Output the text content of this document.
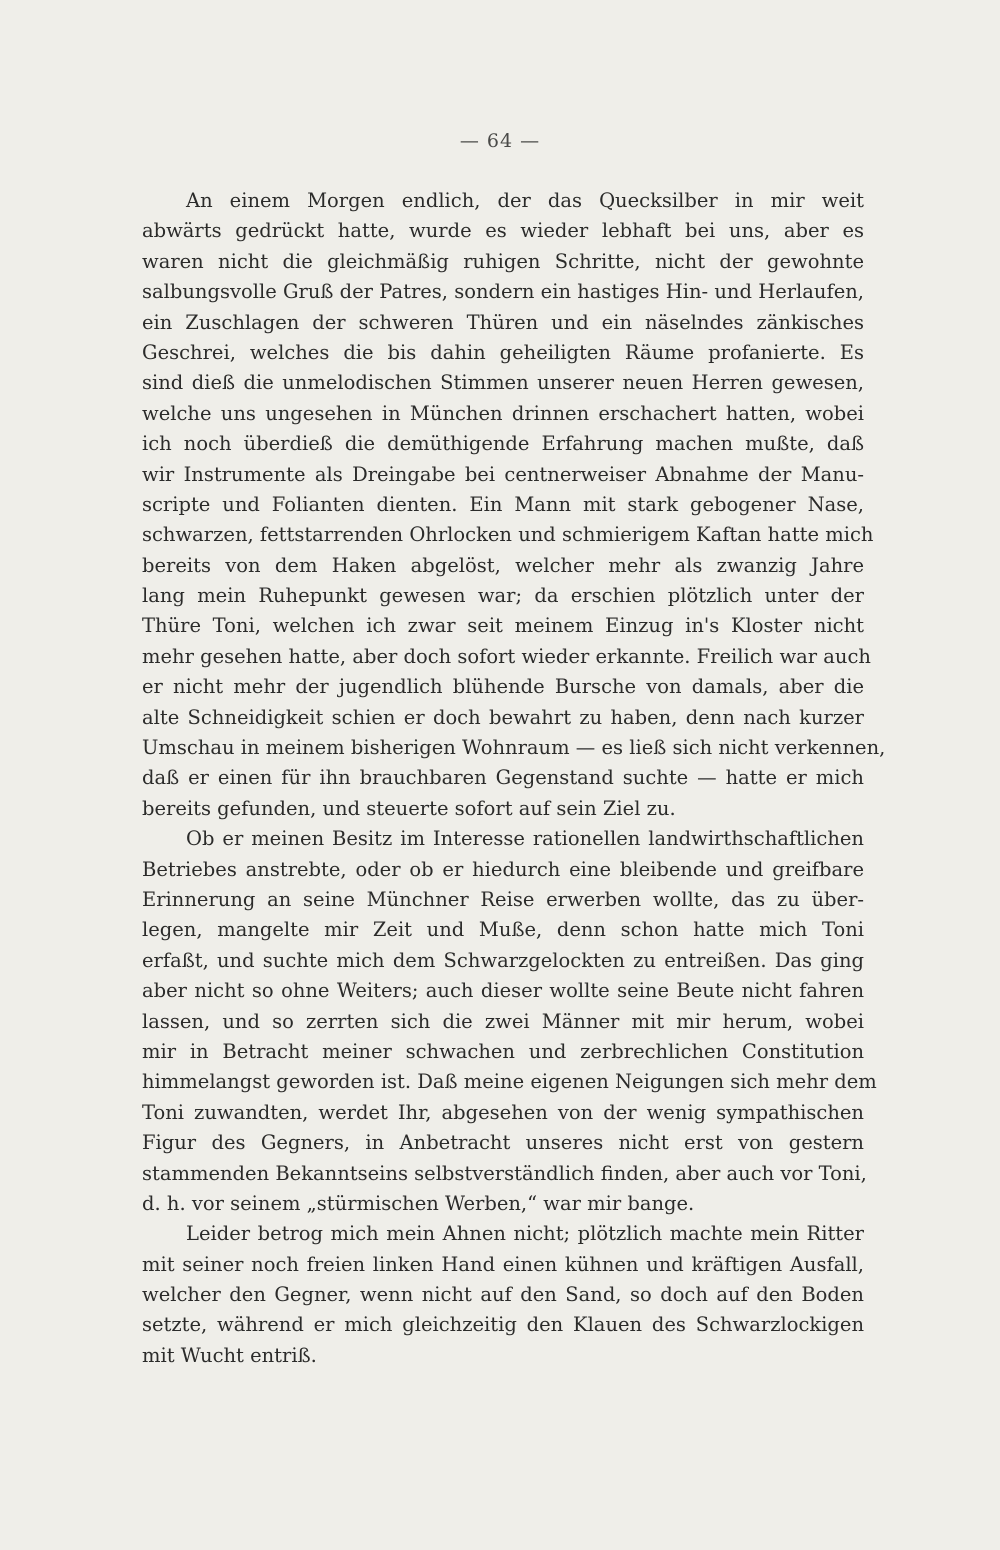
— 64 —
An einem Morgen endlich, der das Quecksilber in mir weit
abwärts gedrückt hatte, wurde es wieder lebhaft bei uns, aber es
waren nicht die gleichmäßig ruhigen Schritte, nicht der gewohnte
salbungsvolle Gruß der Patres, sondern ein hastiges Hin- und Herlaufen,
ein Zuschlagen der schweren Thüren und ein näselndes zänkisches
Geschrei, welches die bis dahin geheiligten Räume profanierte. Es
sind dieß die unmelodischen Stimmen unserer neuen Herren gewesen,
welche uns ungesehen in München drinnen erschachert hatten, wobei
ich noch überdieß die demüthigende Erfahrung machen mußte, daß
wir Instrumente als Dreingabe bei centnerweiser Abnahme der Manu-
scripte und Folianten dienten. Ein Mann mit stark gebogener Nase,
schwarzen, fettstarrenden Ohrlocken und schmierigem Kaftan hatte mich
bereits von dem Haken abgelöst, welcher mehr als zwanzig Jahre
lang mein Ruhepunkt gewesen war; da erschien plötzlich unter der
Thüre Toni, welchen ich zwar seit meinem Einzug in's Kloster nicht
mehr gesehen hatte, aber doch sofort wieder erkannte. Freilich war auch
er nicht mehr der jugendlich blühende Bursche von damals, aber die
alte Schneidigkeit schien er doch bewahrt zu haben, denn nach kurzer
Umschau in meinem bisherigen Wohnraum — es ließ sich nicht verkennen,
daß er einen für ihn brauchbaren Gegenstand suchte — hatte er mich
bereits gefunden, und steuerte sofort auf sein Ziel zu.
Ob er meinen Besitz im Interesse rationellen landwirthschaftlichen
Betriebes anstrebte, oder ob er hiedurch eine bleibende und greifbare
Erinnerung an seine Münchner Reise erwerben wollte, das zu über-
legen, mangelte mir Zeit und Muße, denn schon hatte mich Toni
erfaßt, und suchte mich dem Schwarzgelockten zu entreißen. Das ging
aber nicht so ohne Weiters; auch dieser wollte seine Beute nicht fahren
lassen, und so zerrten sich die zwei Männer mit mir herum, wobei
mir in Betracht meiner schwachen und zerbrechlichen Constitution
himmelangst geworden ist. Daß meine eigenen Neigungen sich mehr dem
Toni zuwandten, werdet Ihr, abgesehen von der wenig sympathischen
Figur des Gegners, in Anbetracht unseres nicht erst von gestern
stammenden Bekanntseins selbstverständlich finden, aber auch vor Toni,
d. h. vor seinem „stürmischen Werben,“ war mir bange.
Leider betrog mich mein Ahnen nicht; plötzlich machte mein Ritter
mit seiner noch freien linken Hand einen kühnen und kräftigen Ausfall,
welcher den Gegner, wenn nicht auf den Sand, so doch auf den Boden
setzte, während er mich gleichzeitig den Klauen des Schwarzlockigen
mit Wucht entriß.
